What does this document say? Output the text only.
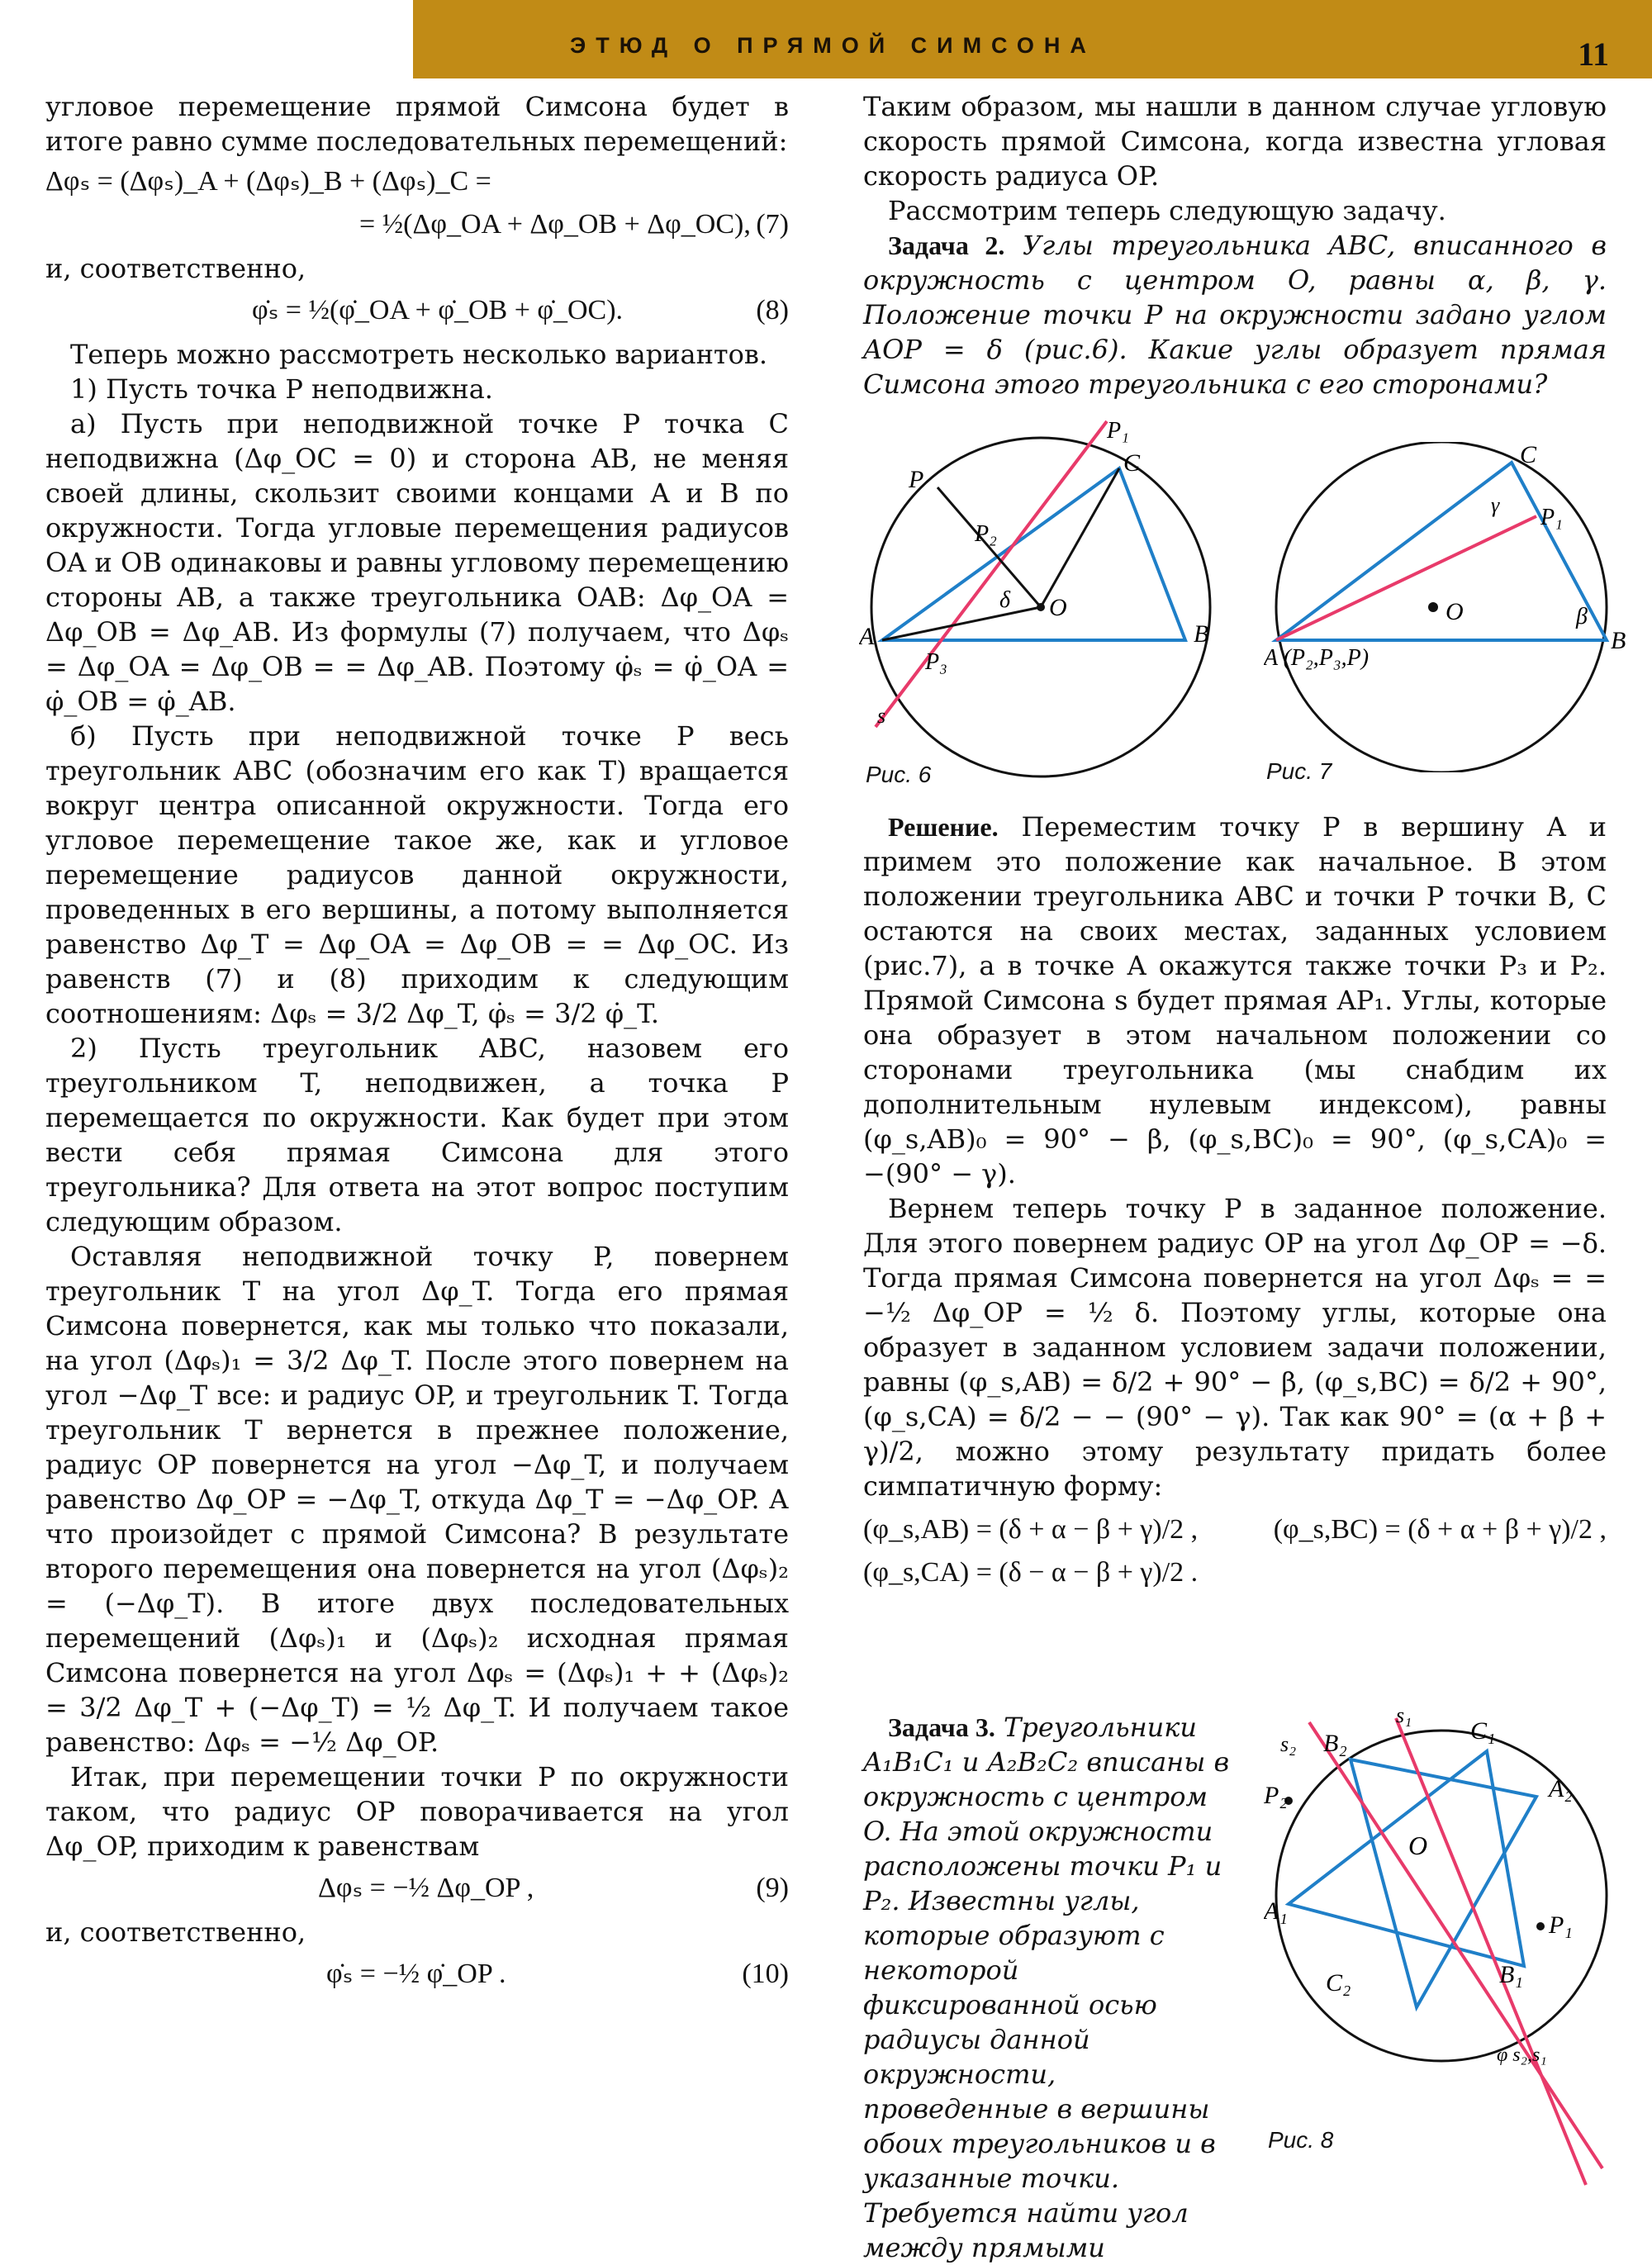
ЭТЮД О ПРЯМОЙ СИМСОНА	11

угловое перемещение прямой Симсона будет в итоге равно сумме последовательных перемещений:

Δφₛ = (Δφₛ)_A + (Δφₛ)_B + (Δφₛ)_C =
= ½(Δφ_OA + Δφ_OB + Δφ_OC), (7)

и, соответственно,

φ̇ₛ = ½(φ̇_OA + φ̇_OB + φ̇_OC).	(8)

Теперь можно рассмотреть несколько вариантов.

1) Пусть точка P неподвижна.

а) Пусть при неподвижной точке P точка C неподвижна (Δφ_OC = 0) и сторона AB, не меняя своей длины, скользит своими концами A и B по окружности. Тогда угловые перемещения радиусов OA и OB одинаковы и равны угловому перемещению стороны AB, а также треугольника OAB: Δφ_OA = Δφ_OB = Δφ_AB. Из формулы (7) получаем, что Δφₛ = Δφ_OA = Δφ_OB = = Δφ_AB. Поэтому φ̇ₛ = φ̇_OA = φ̇_OB = φ̇_AB.

б) Пусть при неподвижной точке P весь треугольник ABC (обозначим его как T) вращается вокруг центра описанной окружности. Тогда его угловое перемещение такое же, как и угловое перемещение радиусов данной окружности, проведенных в его вершины, а потому выполняется равенство Δφ_T = Δφ_OA = Δφ_OB = = Δφ_OC. Из равенств (7) и (8) приходим к следующим соотношениям: Δφₛ = 3/2 Δφ_T, φ̇ₛ = 3/2 φ̇_T.

2) Пусть треугольник ABC, назовем его треугольником T, неподвижен, а точка P перемещается по окружности. Как будет при этом вести себя прямая Симсона для этого треугольника? Для ответа на этот вопрос поступим следующим образом.

Оставляя неподвижной точку P, повернем треугольник T на угол Δφ_T. Тогда его прямая Симсона повернется, как мы только что показали, на угол (Δφₛ)₁ = 3/2 Δφ_T. После этого повернем на угол −Δφ_T все: и радиус OP, и треугольник T. Тогда треугольник T вернется в прежнее положение, радиус OP повернется на угол −Δφ_T, и получаем равенство Δφ_OP = −Δφ_T, откуда Δφ_T = −Δφ_OP. А что произойдет с прямой Симсона? В результате второго перемещения она повернется на угол (Δφₛ)₂ = (−Δφ_T). В итоге двух последовательных перемещений (Δφₛ)₁ и (Δφₛ)₂ исходная прямая Симсона повернется на угол Δφₛ = (Δφₛ)₁ + + (Δφₛ)₂ = 3/2 Δφ_T + (−Δφ_T) = ½ Δφ_T. И получаем такое равенство: Δφₛ = −½ Δφ_OP.

Итак, при перемещении точки P по окружности таком, что радиус OP поворачивается на угол Δφ_OP, приходим к равенствам

Δφₛ = −½ Δφ_OP ,	(9)

и, соответственно,

φ̇ₛ = −½ φ̇_OP .	(10)

Таким образом, мы нашли в данном случае угловую скорость прямой Симсона, когда известна угловая скорость радиуса OP.

Рассмотрим теперь следующую задачу.

Задача 2. Углы треугольника ABC, вписанного в окружность с центром O, равны α, β, γ. Положение точки P на окружности задано углом AOP = δ (рис.6). Какие углы образует прямая Симсона этого треугольника с его сторонами?

P₁
C
P
P₂
δ O
A	B
P₃
s
Рис. 6
C
γ P₁
O	β
A (P₂,P₃,P)
B
Рис. 7

Решение. Переместим точку P в вершину A и примем это положение как начальное. В этом положении треугольника ABC и точки P точки B, C остаются на своих местах, заданных условием (рис.7), а в точке A окажутся также точки P₃ и P₂. Прямой Симсона s будет прямая AP₁. Углы, которые она образует в этом начальном положении со сторонами треугольника (мы снабдим их дополнительным нулевым индексом), равны (φ_s,AB)₀ = 90° − β, (φ_s,BC)₀ = 90°, (φ_s,CA)₀ = −(90° − γ).

Вернем теперь точку P в заданное положение. Для этого повернем радиус OP на угол Δφ_OP = −δ. Тогда прямая Симсона повернется на угол Δφₛ = = −½ Δφ_OP = ½ δ. Поэтому углы, которые она образует в заданном условием задачи положении, равны (φ_s,AB) = δ/2 + 90° − β, (φ_s,BC) = δ/2 + 90°, (φ_s,CA) = δ/2 − − (90° − γ). Так как 90° = (α + β + γ)/2, можно этому результату придать более симпатичную форму:

(φ_s,AB) = (δ + α − β + γ)/2 ,	(φ_s,BC) = (δ + α + β + γ)/2 ,
(φ_s,CA) = (δ − α − β + γ)/2 .

Задача 3. Треугольники A₁B₁C₁ и A₂B₂C₂ вписаны в окружность с центром O. На этой окружности расположены точки P₁ и P₂. Известны углы, которые образуют с некоторой фиксированной осью радиусы данной окружности, проведенные в вершины обоих треугольников и в указанные точки. Требуется найти угол между прямыми

s₁
s₂ B₂	C₁
A₂
P₂
O
A₁
P₁
B₁
C₂
φ s₂,s₁
Рис. 8
